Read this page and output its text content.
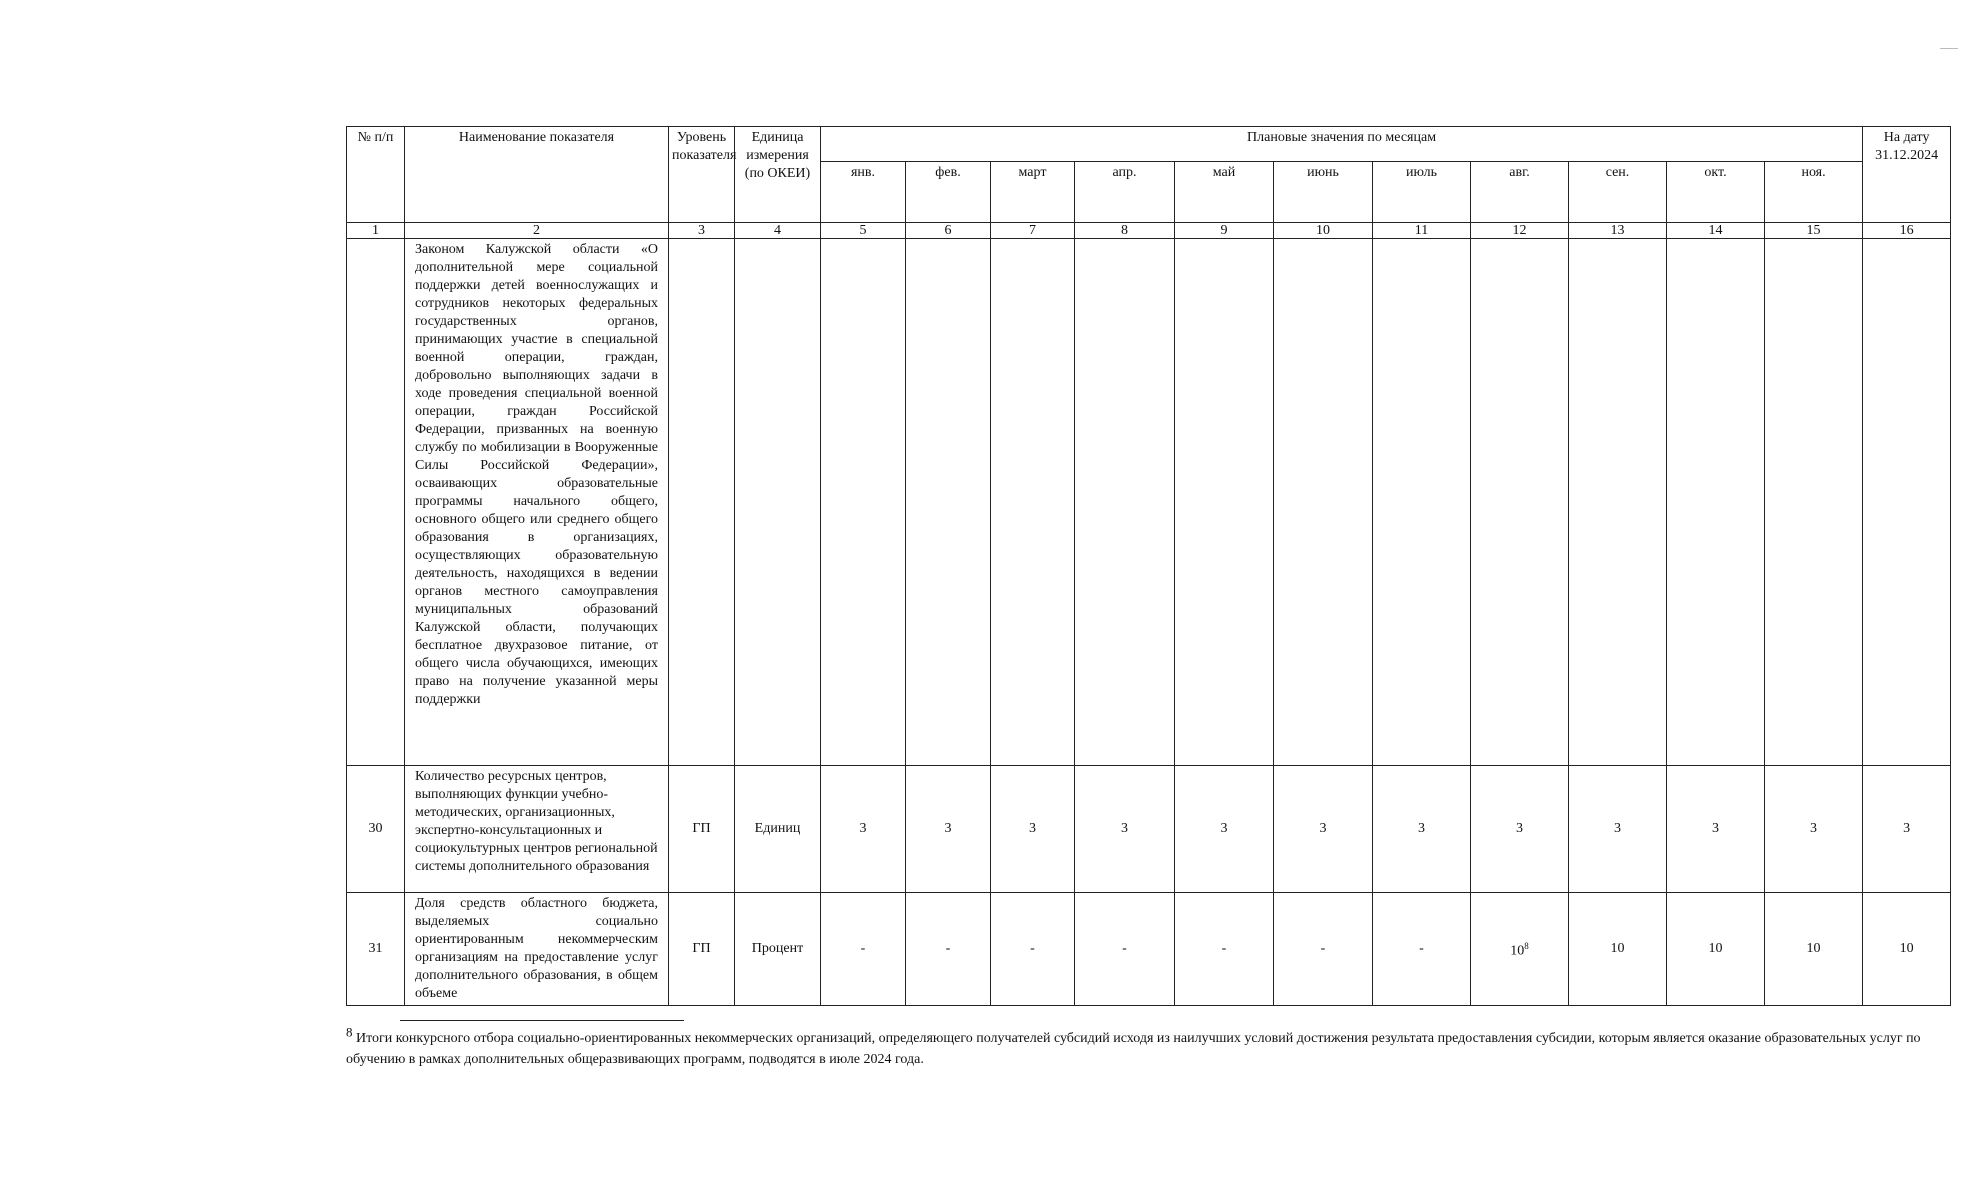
№ п/п	Наименование показателя	Уровень показателя	Единица измерения (по ОКЕИ)	Плановые значения по месяцам											На дату 31.12.2024
				янв.	фев.	март	апр.	май	июнь	июль	авг.	сен.	окт.	ноя.	
1	2	3	4	5	6	7	8	9	10	11	12	13	14	15	16
	Законом Калужской области «О дополнительной мере социальной поддержки детей военнослужащих и сотрудников некоторых федеральных государственных органов, принимающих участие в специальной военной операции, граждан, добровольно выполняющих задачи в ходе проведения специальной военной операции, граждан Российской Федерации, призванных на военную службу по мобилизации в Вооруженные Силы Российской Федерации», осваивающих образовательные программы начального общего, основного общего или среднего общего образования в организациях, осуществляющих образовательную деятельность, находящихся в ведении органов местного самоуправления муниципальных образований Калужской области, получающих бесплатное двухразовое питание, от общего числа обучающихся, имеющих право на получение указанной меры поддержки														
30	Количество ресурсных центров, выполняющих функции учебно-методических, организационных, экспертно-консультационных и социокультурных центров региональной системы дополнительного образования	ГП	Единиц	3	3	3	3	3	3	3	3	3	3	3	3
31	Доля средств областного бюджета, выделяемых социально ориентированным некоммерческим организациям на предоставление услуг дополнительного образования, в общем объеме	ГП	Процент	-	-	-	-	-	-	-	$10^8$	10	10	10	10
8 Итоги конкурсного отбора социально-ориентированных некоммерческих организаций, определяющего получателей субсидий исходя из наилучших условий достижения результата предоставления субсидии, которым является оказание образовательных услуг по обучению в рамках дополнительных общеразвивающих программ, подводятся в июле 2024 года.
